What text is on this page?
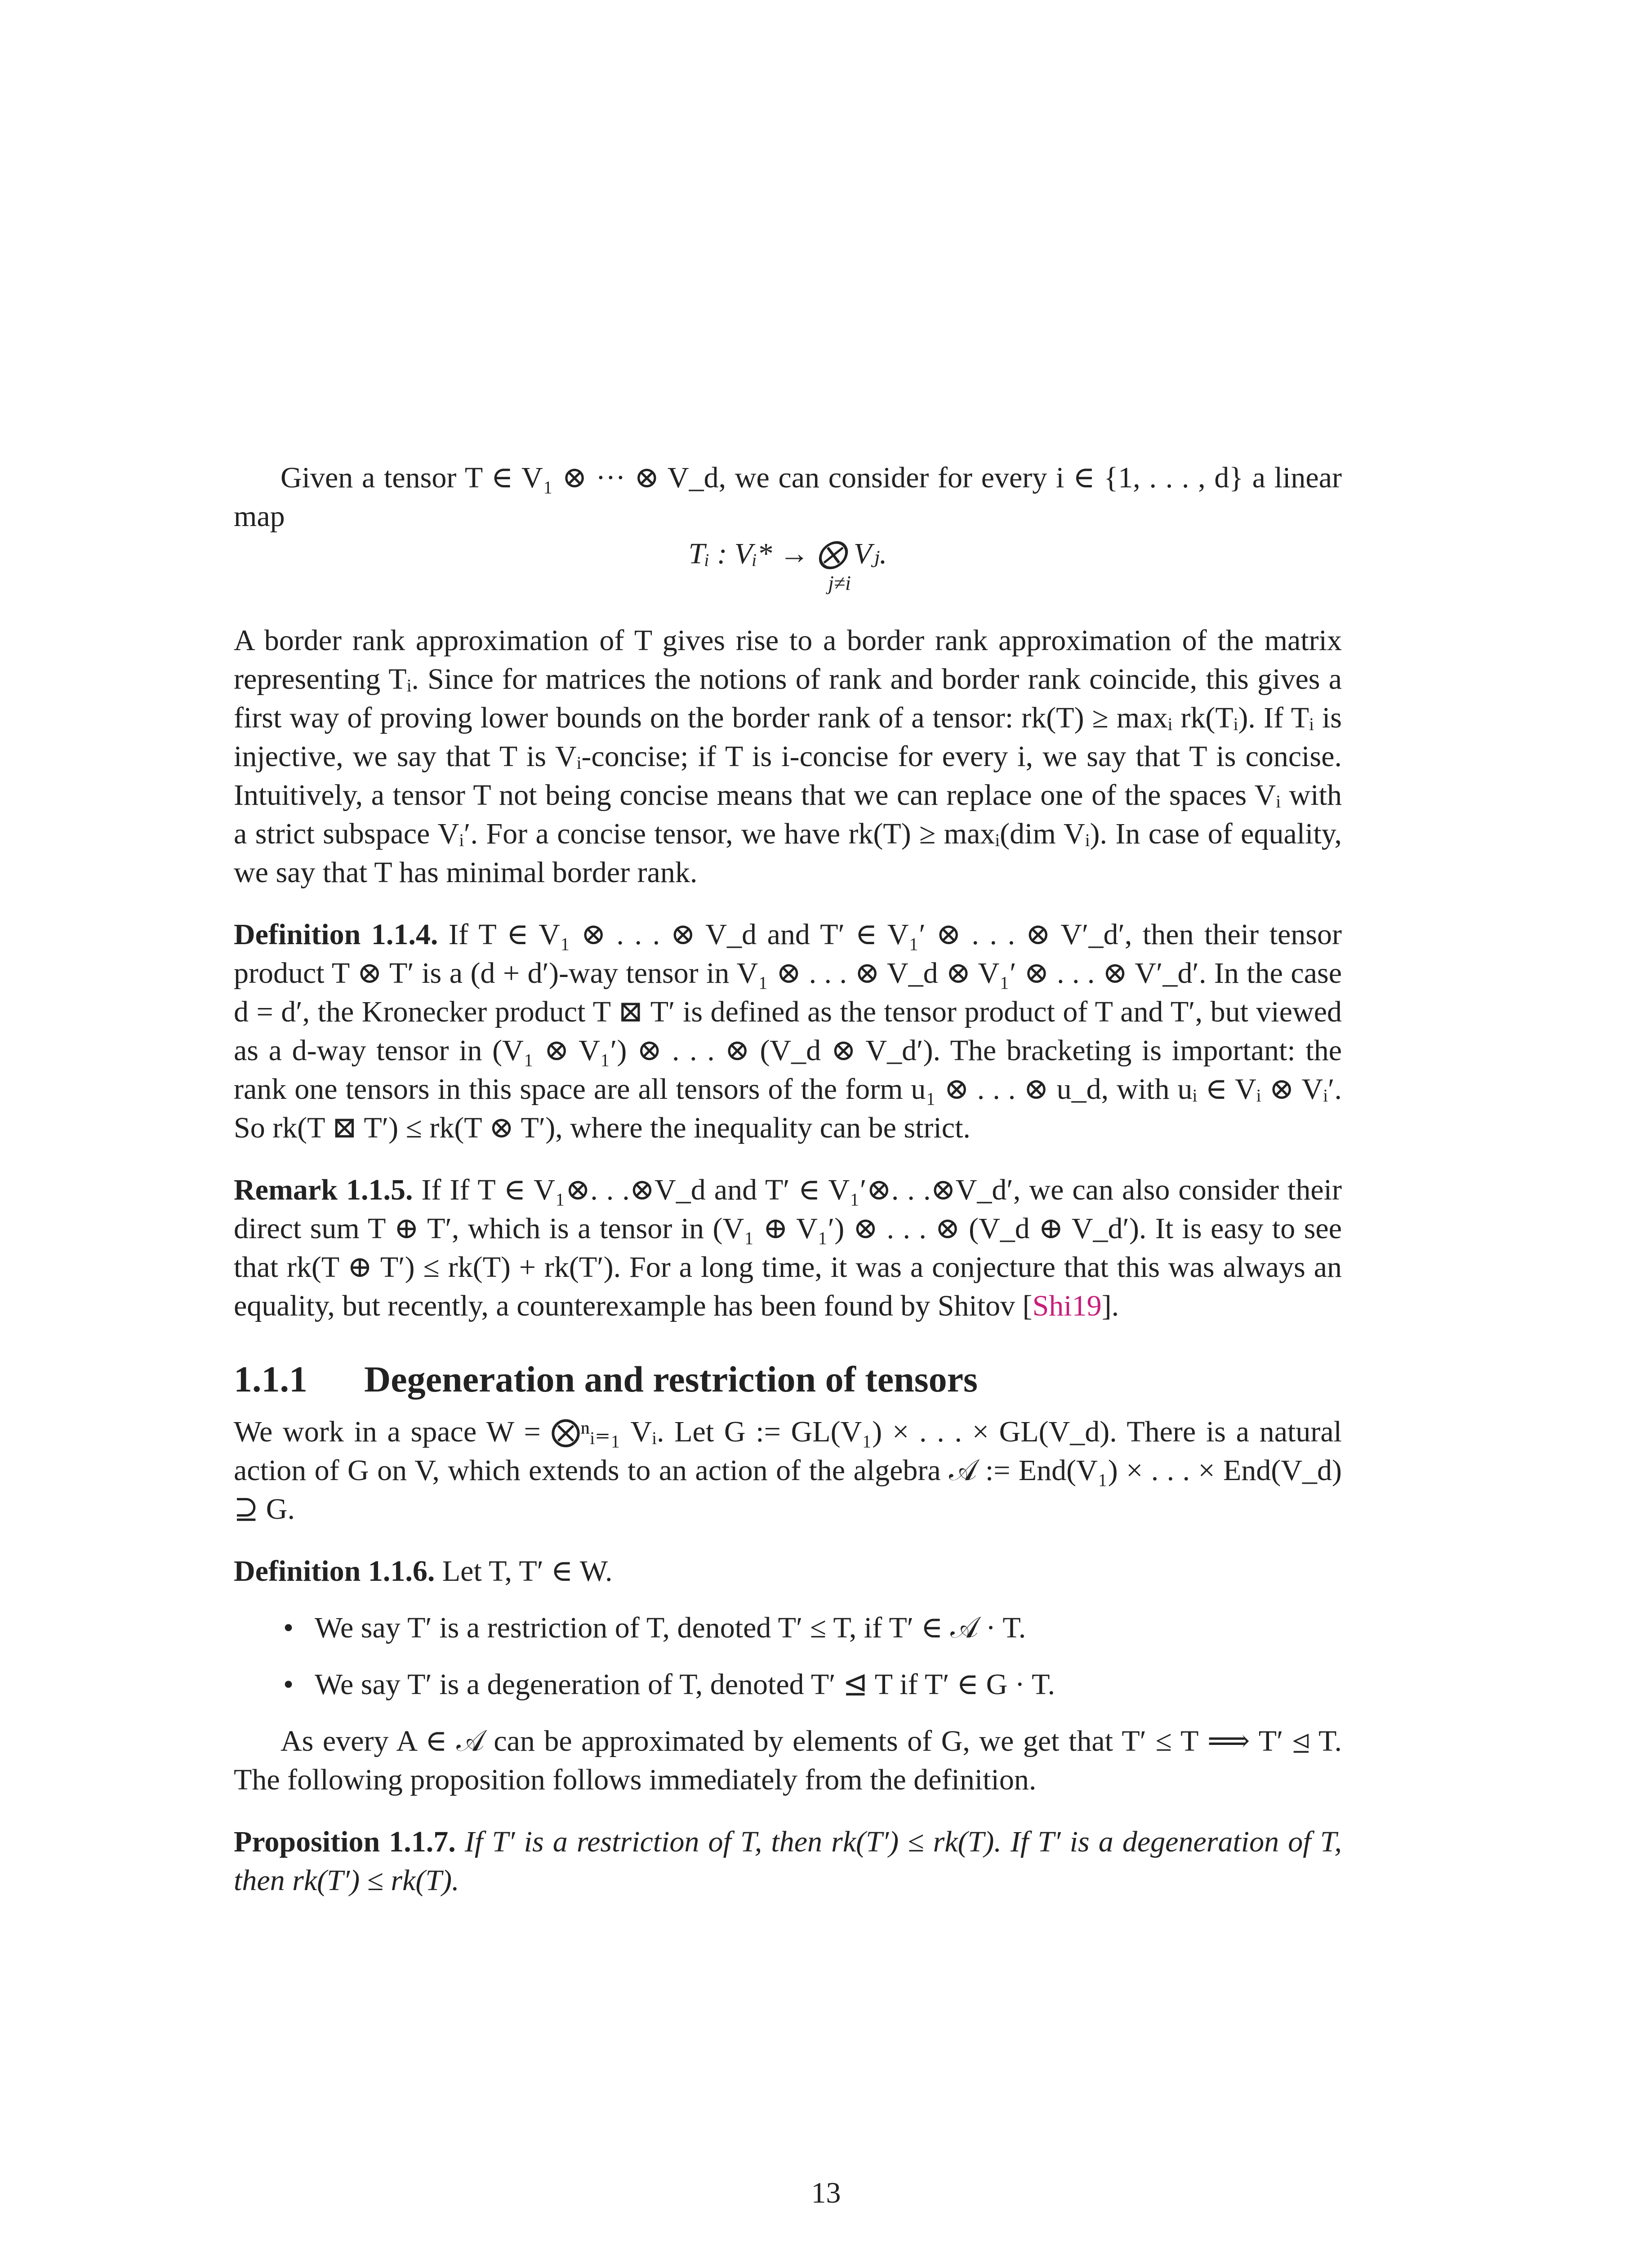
Given a tensor T ∈ V₁ ⊗ ··· ⊗ V_d, we can consider for every i ∈ {1, . . . , d} a linear map

Tᵢ : Vᵢ* → ⨂ Vⱼ.
j≠i

A border rank approximation of T gives rise to a border rank approximation of the matrix representing Tᵢ. Since for matrices the notions of rank and border rank coincide, this gives a first way of proving lower bounds on the border rank of a tensor: rk(T) ≥ maxᵢ rk(Tᵢ). If Tᵢ is injective, we say that T is Vᵢ-concise; if T is i-concise for every i, we say that T is concise. Intuitively, a tensor T not being concise means that we can replace one of the spaces Vᵢ with a strict subspace Vᵢ′. For a concise tensor, we have rk(T) ≥ maxᵢ(dim Vᵢ). In case of equality, we say that T has minimal border rank.

Definition 1.1.4. If T ∈ V₁ ⊗ . . . ⊗ V_d and T′ ∈ V₁′ ⊗ . . . ⊗ V′_d′, then their tensor product T ⊗ T′ is a (d + d′)-way tensor in V₁ ⊗ . . . ⊗ V_d ⊗ V₁′ ⊗ . . . ⊗ V′_d′. In the case d = d′, the Kronecker product T ⊠ T′ is defined as the tensor product of T and T′, but viewed as a d-way tensor in (V₁ ⊗ V₁′) ⊗ . . . ⊗ (V_d ⊗ V_d′). The bracketing is important: the rank one tensors in this space are all tensors of the form u₁ ⊗ . . . ⊗ u_d, with uᵢ ∈ Vᵢ ⊗ Vᵢ′. So rk(T ⊠ T′) ≤ rk(T ⊗ T′), where the inequality can be strict.

Remark 1.1.5. If If T ∈ V₁⊗. . .⊗V_d and T′ ∈ V₁′⊗. . .⊗V_d′, we can also consider their direct sum T ⊕ T′, which is a tensor in (V₁ ⊕ V₁′) ⊗ . . . ⊗ (V_d ⊕ V_d′). It is easy to see that rk(T ⊕ T′) ≤ rk(T) + rk(T′). For a long time, it was a conjecture that this was always an equality, but recently, a counterexample has been found by Shitov [Shi19].

1.1.1 Degeneration and restriction of tensors

We work in a space W = ⨂ⁿᵢ₌₁ Vᵢ. Let G := GL(V₁) × . . . × GL(V_d). There is a natural action of G on V, which extends to an action of the algebra 𝒜 := End(V₁) × . . . × End(V_d) ⊇ G.

Definition 1.1.6. Let T, T′ ∈ W.

• We say T′ is a restriction of T, denoted T′ ≤ T, if T′ ∈ 𝒜 · T.
• We say T′ is a degeneration of T, denoted T′ ⊴ T if T′ ∈ G · T.

As every A ∈ 𝒜 can be approximated by elements of G, we get that T′ ≤ T ⟹ T′ ⊴ T. The following proposition follows immediately from the definition.

Proposition 1.1.7. If T′ is a restriction of T, then rk(T′) ≤ rk(T). If T′ is a degeneration of T, then rk(T′) ≤ rk(T).

13
